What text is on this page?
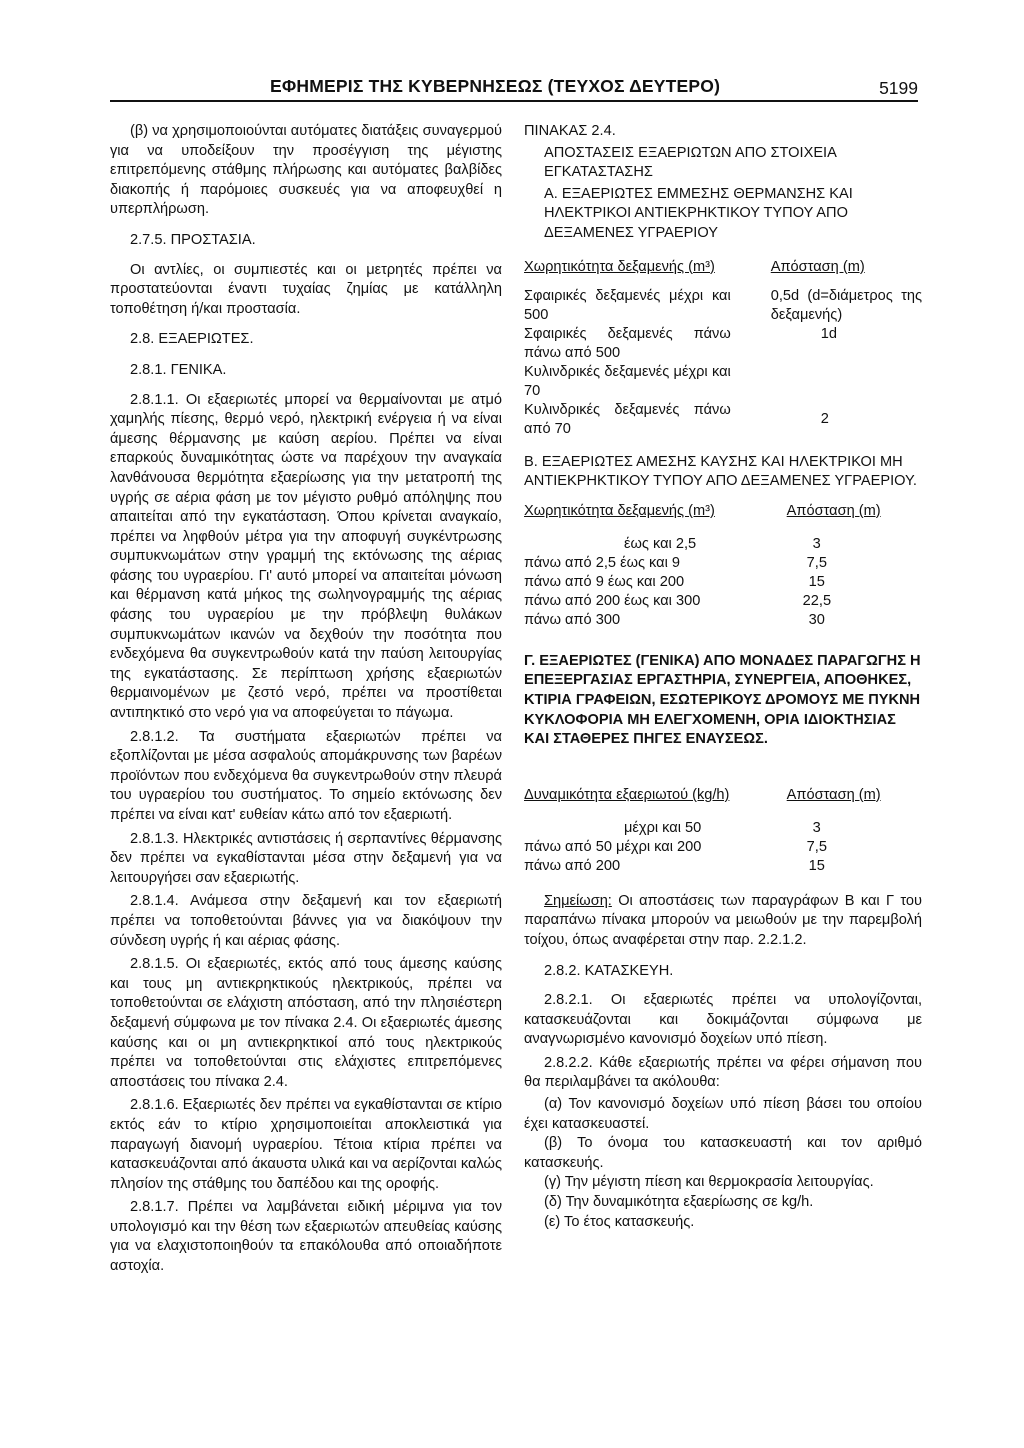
ΕΦΗΜΕΡΙΣ ΤΗΣ ΚΥΒΕΡΝΗΣΕΩΣ (ΤΕΥΧΟΣ ΔΕΥΤΕΡΟ)	5199

(β) να χρησιμοποιούνται αυτόματες διατάξεις συναγερμού για να υποδείξουν την προσέγγιση της μέγιστης επιτρεπόμενης στάθμης πλήρωσης και αυτόματες βαλβίδες διακοπής ή παρόμοιες συσκευές για να αποφευχθεί η υπερπλήρωση.

2.7.5. ΠΡΟΣΤΑΣΙΑ.

Οι αντλίες, οι συμπιεστές και οι μετρητές πρέπει να προστατεύονται έναντι τυχαίας ζημίας με κατάλληλη τοποθέτηση ή/και προστασία.

2.8. ΕΞΑΕΡΙΩΤΕΣ.

2.8.1. ΓΕΝΙΚΑ.

2.8.1.1. Οι εξαεριωτές μπορεί να θερμαίνονται με ατμό χαμηλής πίεσης, θερμό νερό, ηλεκτρική ενέργεια ή να είναι άμεσης θέρμανσης με καύση αερίου. Πρέπει να είναι επαρκούς δυναμικότητας ώστε να παρέχουν την αναγκαία λανθάνουσα θερμότητα εξαερίωσης για την μετατροπή της υγρής σε αέρια φάση με τον μέγιστο ρυθμό απόληψης που απαιτείται από την εγκατάσταση. Όπου κρίνεται αναγκαίο, πρέπει να ληφθούν μέτρα για την αποφυγή συγκέντρωσης συμπυκνωμάτων στην γραμμή της εκτόνωσης της αέριας φάσης του υγραερίου. Γι' αυτό μπορεί να απαιτείται μόνωση και θέρμανση κατά μήκος της σωληνογραμμής της αέριας φάσης του υγραερίου με την πρόβλεψη θυλάκων συμπυκνωμάτων ικανών να δεχθούν την ποσότητα που ενδεχόμενα θα συγκεντρωθούν κατά την παύση λειτουργίας της εγκατάστασης. Σε περίπτωση χρήσης εξαεριωτών θερμαινομένων με ζεστό νερό, πρέπει να προστίθεται αντιπηκτικό στο νερό για να αποφεύγεται το πάγωμα.

2.8.1.2. Τα συστήματα εξαεριωτών πρέπει να εξοπλίζονται με μέσα ασφαλούς απομάκρυνσης των βαρέων προϊόντων που ενδεχόμενα θα συγκεντρωθούν στην πλευρά του υγραερίου του συστήματος. Το σημείο εκτόνωσης δεν πρέπει να είναι κατ' ευθείαν κάτω από τον εξαεριωτή.

2.8.1.3. Ηλεκτρικές αντιστάσεις ή σερπαντίνες θέρμανσης δεν πρέπει να εγκαθίστανται μέσα στην δεξαμενή για να λειτουργήσει σαν εξαεριωτής.

2.8.1.4. Ανάμεσα στην δεξαμενή και τον εξαεριωτή πρέπει να τοποθετούνται βάννες για να διακόψουν την σύνδεση υγρής ή και αέριας φάσης.

2.8.1.5. Οι εξαεριωτές, εκτός από τους άμεσης καύσης και τους μη αντιεκρηκτικούς ηλεκτρικούς, πρέπει να τοποθετούνται σε ελάχιστη απόσταση, από την πλησιέστερη δεξαμενή σύμφωνα με τον πίνακα 2.4. Οι εξαεριωτές άμεσης καύσης και οι μη αντιεκρηκτικοί από τους ηλεκτρικούς πρέπει να τοποθετούνται στις ελάχιστες επιτρεπόμενες αποστάσεις του πίνακα 2.4.

2.8.1.6. Εξαεριωτές δεν πρέπει να εγκαθίστανται σε κτίριο εκτός εάν το κτίριο χρησιμοποιείται αποκλειστικά για παραγωγή διανομή υγραερίου. Τέτοια κτίρια πρέπει να κατασκευάζονται από άκαυστα υλικά και να αερίζονται καλώς πλησίον της στάθμης του δαπέδου και της οροφής.

2.8.1.7. Πρέπει να λαμβάνεται ειδική μέριμνα για τον υπολογισμό και την θέση των εξαεριωτών απευθείας καύσης για να ελαχιστοποιηθούν τα επακόλουθα από οποιαδήποτε αστοχία.

ΠΙΝΑΚΑΣ 2.4.

ΑΠΟΣΤΑΣΕΙΣ ΕΞΑΕΡΙΩΤΩΝ ΑΠΟ ΣΤΟΙΧΕΙΑ ΕΓΚΑΤΑΣΤΑΣΗΣ

Α. ΕΞΑΕΡΙΩΤΕΣ ΕΜΜΕΣΗΣ ΘΕΡΜΑΝΣΗΣ ΚΑΙ ΗΛΕΚΤΡΙΚΟΙ ΑΝΤΙΕΚΡΗΚΤΙΚΟΥ ΤΥΠΟΥ ΑΠΟ ΔΕΞΑΜΕΝΕΣ ΥΓΡΑΕΡΙΟΥ

Χωρητικότητα δεξαμενής (m³)	Απόσταση (m)

Σφαιρικές δεξαμενές μέχρι και 500	0,5d (d=διάμετρος της δεξαμενής)
Σφαιρικές δεξαμενές πάνω πάνω από 500	1d
Κυλινδρικές δεξαμενές μέχρι και 70	
Κυλινδρικές δεξαμενές πάνω από 70	2

Β. ΕΞΑΕΡΙΩΤΕΣ ΑΜΕΣΗΣ ΚΑΥΣΗΣ ΚΑΙ ΗΛΕΚΤΡΙΚΟΙ ΜΗ ΑΝΤΙΕΚΡΗΚΤΙΚΟΥ ΤΥΠΟΥ ΑΠΟ ΔΕΞΑΜΕΝΕΣ ΥΓΡΑΕΡΙΟΥ.

Χωρητικότητα δεξαμενής (m³)	Απόσταση (m)

έως και 2,5	3
πάνω από 2,5 έως και 9	7,5
πάνω από 9 έως και 200	15
πάνω από 200 έως και 300	22,5
πάνω από 300	30

Γ. ΕΞΑΕΡΙΩΤΕΣ (ΓΕΝΙΚΑ) ΑΠΟ ΜΟΝΑΔΕΣ ΠΑΡΑΓΩΓΗΣ Η ΕΠΕΞΕΡΓΑΣΙΑΣ ΕΡΓΑΣΤΗΡΙΑ, ΣΥΝΕΡΓΕΙΑ, ΑΠΟΘΗΚΕΣ, ΚΤΙΡΙΑ ΓΡΑΦΕΙΩΝ, ΕΣΩΤΕΡΙΚΟΥΣ ΔΡΟΜΟΥΣ ΜΕ ΠΥΚΝΗ ΚΥΚΛΟΦΟΡΙΑ ΜΗ ΕΛΕΓΧΟΜΕΝΗ, ΟΡΙΑ ΙΔΙΟΚΤΗΣΙΑΣ ΚΑΙ ΣΤΑΘΕΡΕΣ ΠΗΓΕΣ ΕΝΑΥΣΕΩΣ.

Δυναμικότητα εξαεριωτού (kg/h)	Απόσταση (m)

μέχρι και 50	3
πάνω από 50 μέχρι και 200	7,5
πάνω από 200	15

Σημείωση: Οι αποστάσεις των παραγράφων Β και Γ του παραπάνω πίνακα μπορούν να μειωθούν με την παρεμβολή τοίχου, όπως αναφέρεται στην παρ. 2.2.1.2.

2.8.2. ΚΑΤΑΣΚΕΥΗ.

2.8.2.1. Οι εξαεριωτές πρέπει να υπολογίζονται, κατασκευάζονται και δοκιμάζονται σύμφωνα με αναγνωρισμένο κανονισμό δοχείων υπό πίεση.

2.8.2.2. Κάθε εξαεριωτής πρέπει να φέρει σήμανση που θα περιλαμβάνει τα ακόλουθα:

(α) Τον κανονισμό δοχείων υπό πίεση βάσει του οποίου έχει κατασκευαστεί.

(β) Το όνομα του κατασκευαστή και τον αριθμό κατασκευής.

(γ) Την μέγιστη πίεση και θερμοκρασία λειτουργίας.

(δ) Την δυναμικότητα εξαερίωσης σε kg/h.

(ε) Το έτος κατασκευής.
